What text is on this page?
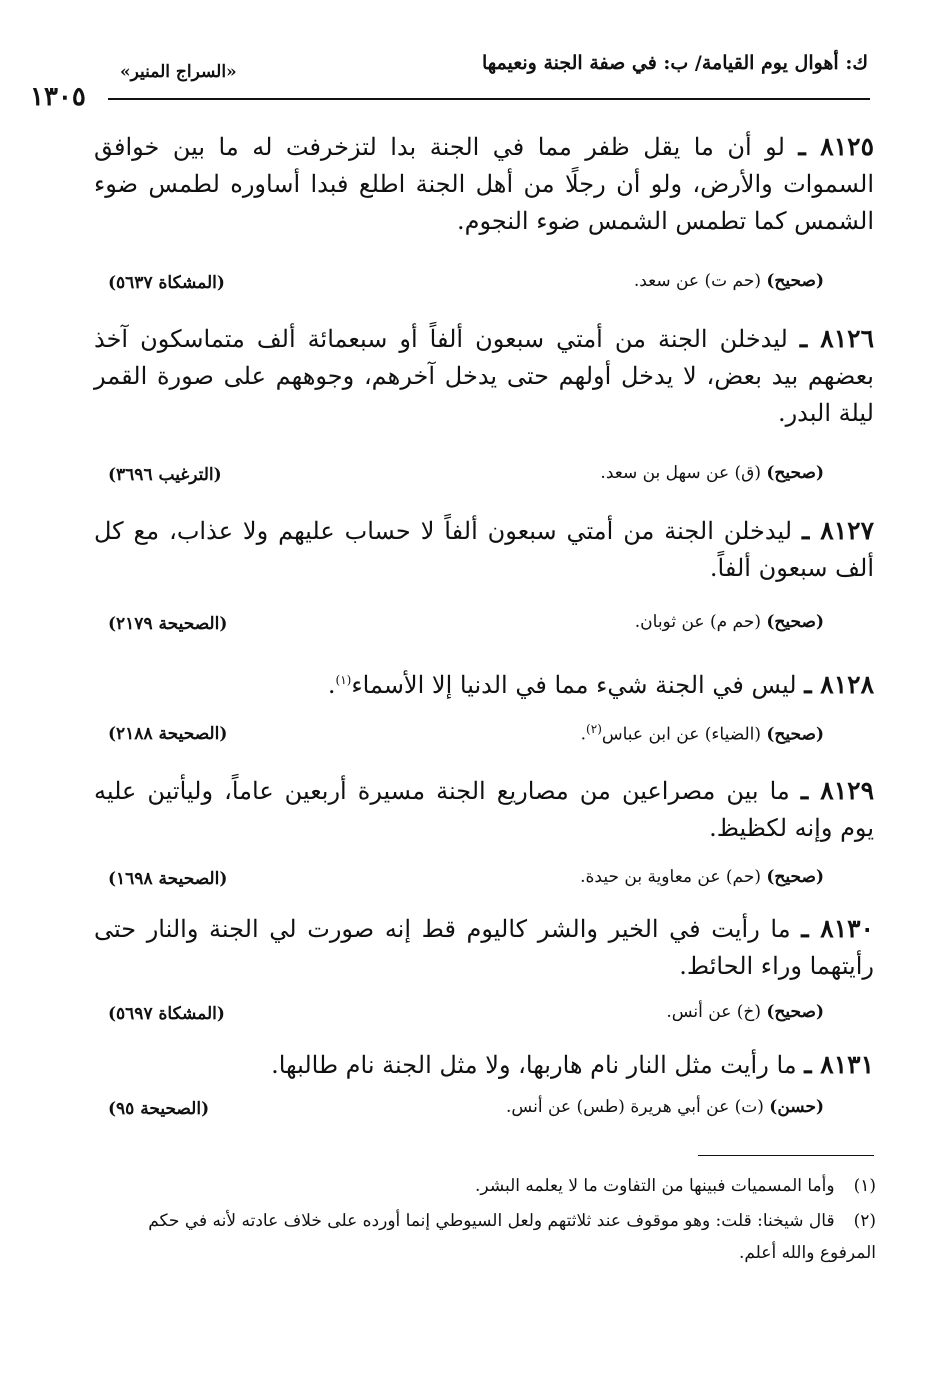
ك: أهوال يوم القيامة/ ب: في صفة الجنة ونعيمها
«السراج المنير»
١٣٠٥
٨١٢٥ ـ لو أن ما يقل ظفر مما في الجنة بدا لتزخرفت له ما بين خوافق السموات والأرض، ولو أن رجلًا من أهل الجنة اطلع فبدا أساوره لطمس ضوء الشمس كما تطمس الشمس ضوء النجوم.
(صحيح) (حم ت) عن سعد.
(المشكاة ٥٦٣٧)
٨١٢٦ ـ ليدخلن الجنة من أمتي سبعون ألفاً أو سبعمائة ألف متماسكون آخذ بعضهم بيد بعض، لا يدخل أولهم حتى يدخل آخرهم، وجوههم على صورة القمر ليلة البدر.
(صحيح) (ق) عن سهل بن سعد.
(الترغيب ٣٦٩٦)
٨١٢٧ ـ ليدخلن الجنة من أمتي سبعون ألفاً لا حساب عليهم ولا عذاب، مع كل ألف سبعون ألفاً.
(صحيح) (حم م) عن ثوبان.
(الصحيحة ٢١٧٩)
٨١٢٨ ـ ليس في الجنة شيء مما في الدنيا إلا الأسماء$^{(١)}$.
(صحيح) (الضياء) عن ابن عباس$^{(٢)}$.
(الصحيحة ٢١٨٨)
٨١٢٩ ـ ما بين مصراعين من مصاريع الجنة مسيرة أربعين عاماً، وليأتين عليه يوم وإنه لكظيظ.
(صحيح) (حم) عن معاوية بن حيدة.
(الصحيحة ١٦٩٨)
٨١٣٠ ـ ما رأيت في الخير والشر كاليوم قط إنه صورت لي الجنة والنار حتى رأيتهما وراء الحائط.
(صحيح) (خ) عن أنس.
(المشكاة ٥٦٩٧)
٨١٣١ ـ ما رأيت مثل النار نام هاربها، ولا مثل الجنة نام طالبها.
(حسن) (ت) عن أبي هريرة (طس) عن أنس.
(الصحيحة ٩٥)
(١) وأما المسميات فبينها من التفاوت ما لا يعلمه البشر.
(٢) قال شيخنا: قلت: وهو موقوف عند ثلاثتهم ولعل السيوطي إنما أورده على خلاف عادته لأنه في حكم المرفوع والله أعلم.
